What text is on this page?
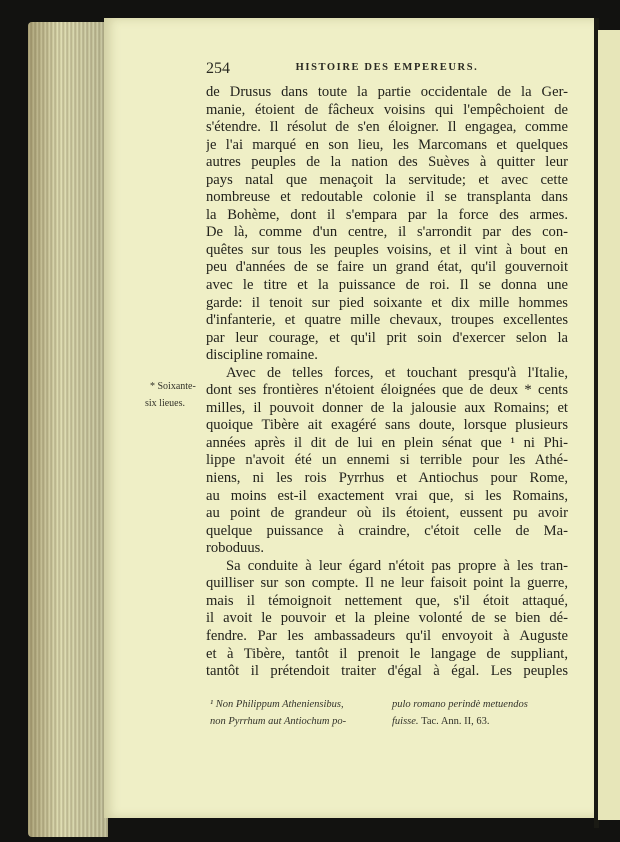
254	HISTOIRE DES EMPEREURS.
de Drusus dans toute la partie occidentale de la Ger-
manie, étoient de fâcheux voisins qui l'empêchoient de
s'étendre. Il résolut de s'en éloigner. Il engagea, comme
je l'ai marqué en son lieu, les Marcomans et quelques
autres peuples de la nation des Suèves à quitter leur
pays natal que menaçoit la servitude; et avec cette
nombreuse et redoutable colonie il se transplanta dans
la Bohème, dont il s'empara par la force des armes.
De là, comme d'un centre, il s'arrondit par des con-
quêtes sur tous les peuples voisins, et il vint à bout en
peu d'années de se faire un grand état, qu'il gouvernoit
avec le titre et la puissance de roi. Il se donna une
garde: il tenoit sur pied soixante et dix mille hommes
d'infanterie, et quatre mille chevaux, troupes excellentes
par leur courage, et qu'il prit soin d'exercer selon la
discipline romaine.
Avec de telles forces, et touchant presqu'à l'Italie,
dont ses frontières n'étoient éloignées que de deux * cents
milles, il pouvoit donner de la jalousie aux Romains; et
quoique Tibère ait exagéré sans doute, lorsque plusieurs
années après il dit de lui en plein sénat que ¹ ni Phi-
lippe n'avoit été un ennemi si terrible pour les Athé-
niens, ni les rois Pyrrhus et Antiochus pour Rome,
au moins est-il exactement vrai que, si les Romains,
au point de grandeur où ils étoient, eussent pu avoir
quelque puissance à craindre, c'étoit celle de Ma-
roboduus.
Sa conduite à leur égard n'étoit pas propre à les tran-
quilliser sur son compte. Il ne leur faisoit point la guerre,
mais il témoignoit nettement que, s'il étoit attaqué,
il avoit le pouvoir et la pleine volonté de se bien dé-
fendre. Par les ambassadeurs qu'il envoyoit à Auguste
et à Tibère, tantôt il prenoit le langage de suppliant,
tantôt il prétendoit traiter d'égal à égal. Les peuples
* Soixante-
six lieues.
¹ Non Philippum Atheniensibus,
non Pyrrhum aut Antiochum po-
pulo romano perindè metuendos
fuisse. Tac. Ann. II, 63.
